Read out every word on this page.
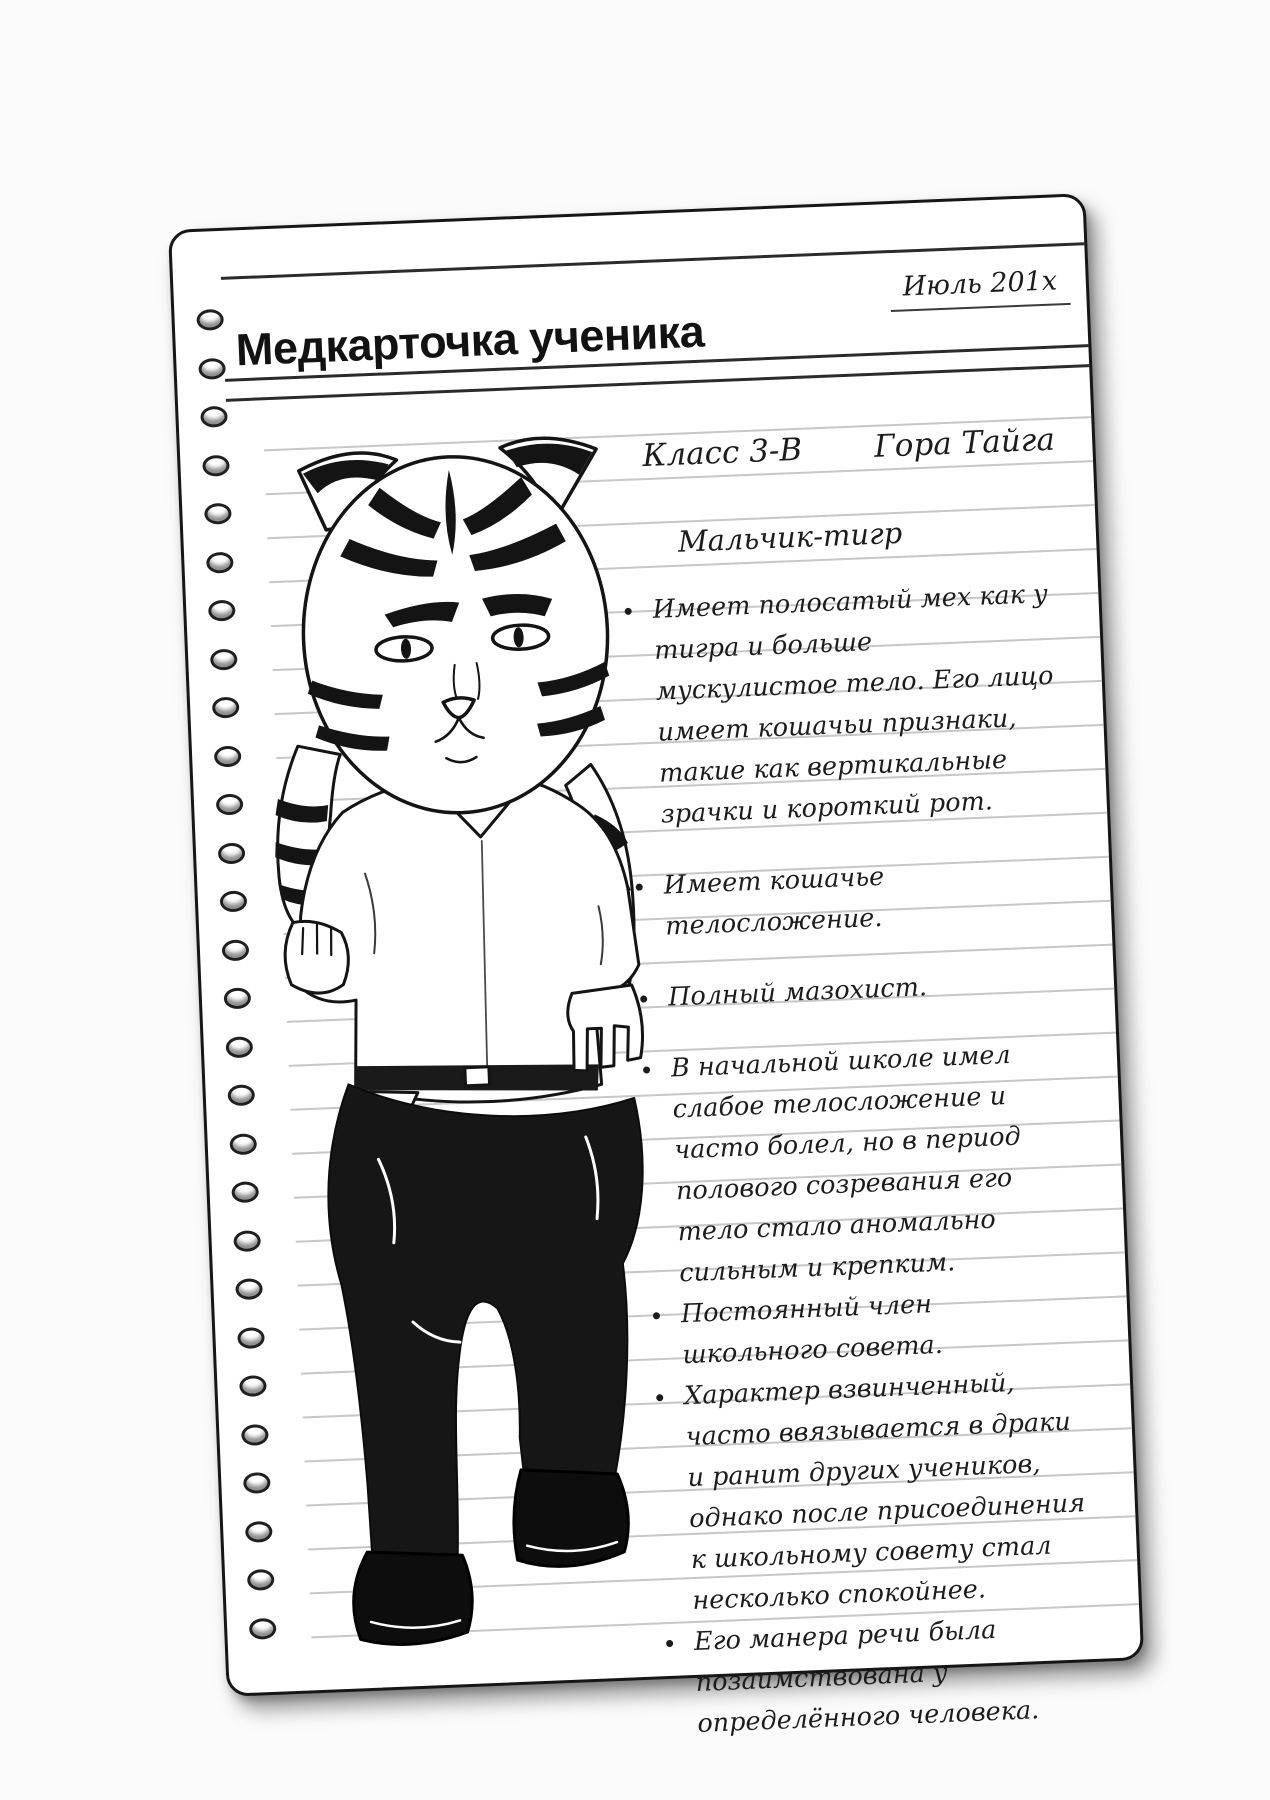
Июль 201x
Медкарточка ученика
Класс 3-В Гора Тайга
Мальчик-тигр
Имеет полосатый мех как у тигра и больше мускулистое тело. Его лицо имеет кошачьи признаки, такие как вертикальные зрачки и короткий рот.
Имеет кошачье телосложение.
Полный мазохист.
В начальной школе имел слабое телосложение и часто болел, но в период полового созревания его тело стало аномально сильным и крепким.
Постоянный член школьного совета.
Характер взвинченный, часто ввязывается в драки и ранит других учеников, однако после присоединения к школьному совету стал несколько спокойнее.
Его манера речи была позаимствована у определённого человека.
